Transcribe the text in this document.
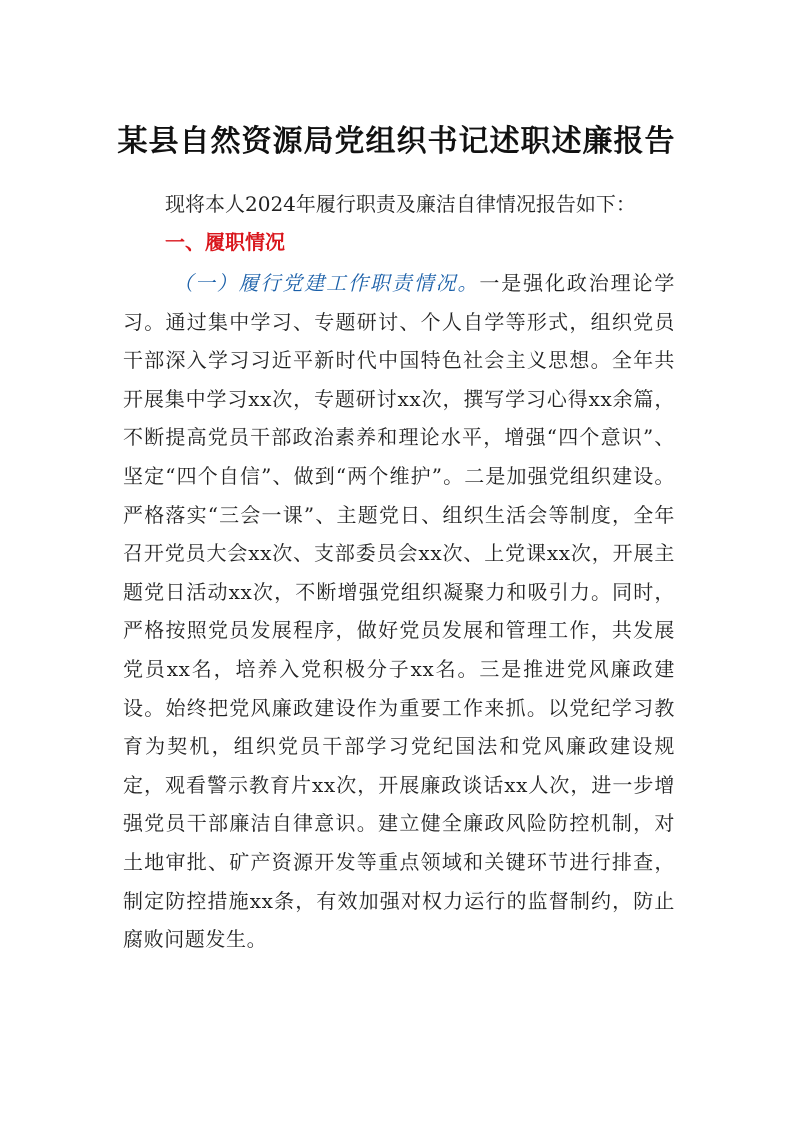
某县自然资源局党组织书记述职述廉报告
现将本人2024年履行职责及廉洁自律情况报告如下：
一、履职情况
（一）履行党建工作职责情况。一是强化政治理论学习。通过集中学习、专题研讨、个人自学等形式，组织党员干部深入学习习近平新时代中国特色社会主义思想。全年共开展集中学习xx次，专题研讨xx次，撰写学习心得xx余篇，不断提高党员干部政治素养和理论水平，增强“四个意识”、坚定“四个自信”、做到“两个维护”。二是加强党组织建设。严格落实“三会一课”、主题党日、组织生活会等制度，全年召开党员大会xx次、支部委员会xx次、上党课xx次，开展主题党日活动xx次，不断增强党组织凝聚力和吸引力。同时，严格按照党员发展程序，做好党员发展和管理工作，共发展党员xx名，培养入党积极分子xx名。三是推进党风廉政建设。始终把党风廉政建设作为重要工作来抓。以党纪学习教育为契机，组织党员干部学习党纪国法和党风廉政建设规定，观看警示教育片xx次，开展廉政谈话xx人次，进一步增强党员干部廉洁自律意识。建立健全廉政风险防控机制，对土地审批、矿产资源开发等重点领域和关键环节进行排查，制定防控措施xx条，有效加强对权力运行的监督制约，防止腐败问题发生。
